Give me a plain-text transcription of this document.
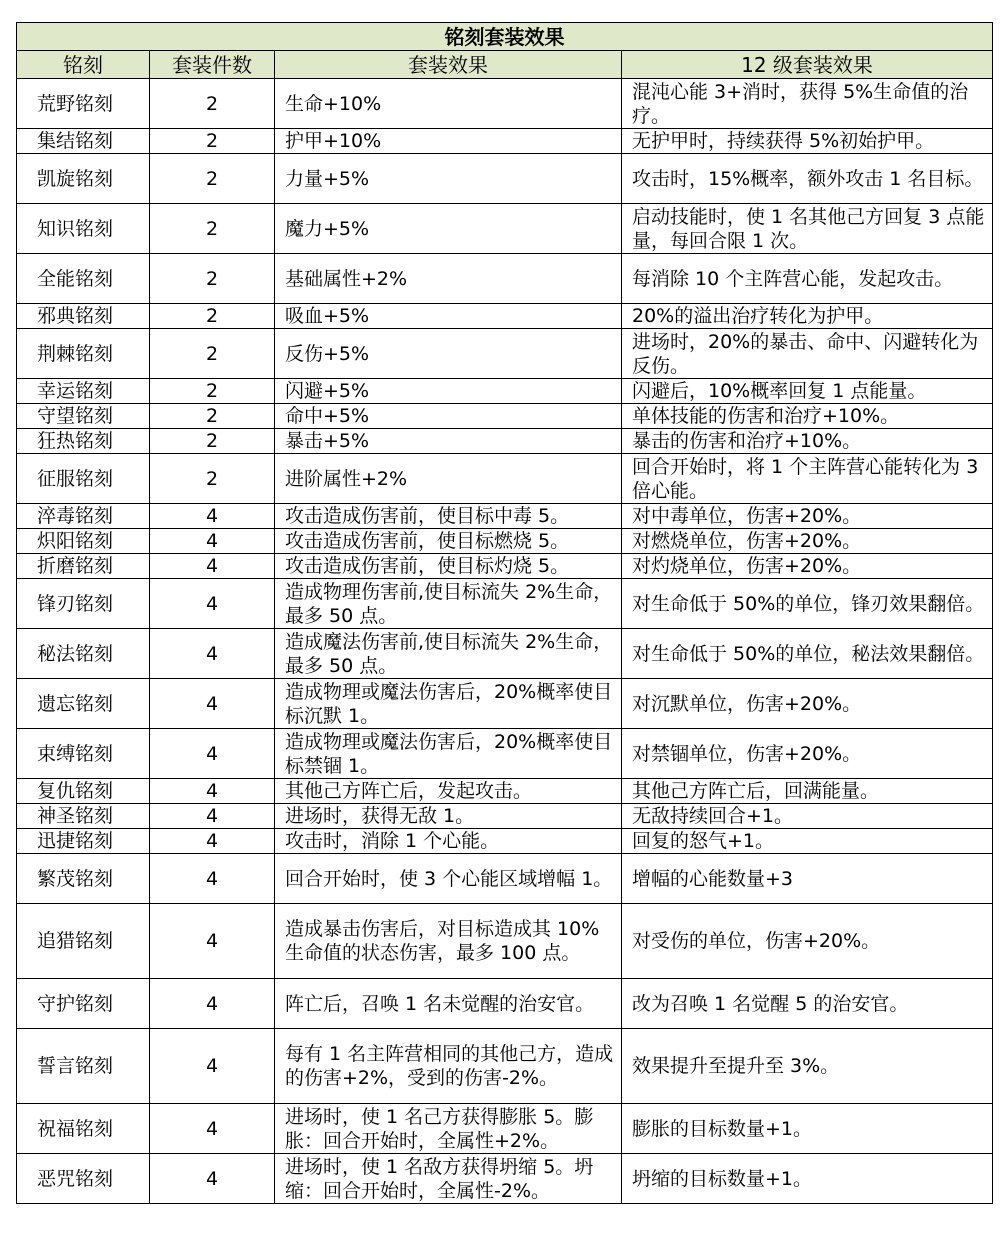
铭刻套装效果			
铭刻	套装件数	套装效果	12 级套装效果
荒野铭刻	2	生命+10%	混沌心能 3+消时，获得 5%生命值的治疗。
集结铭刻	2	护甲+10%	无护甲时，持续获得 5%初始护甲。
凯旋铭刻	2	力量+5%	攻击时，15%概率，额外攻击 1 名目标。
知识铭刻	2	魔力+5%	启动技能时，使 1 名其他己方回复 3 点能量，每回合限 1 次。
全能铭刻	2	基础属性+2%	每消除 10 个主阵营心能，发起攻击。
邪典铭刻	2	吸血+5%	20%的溢出治疗转化为护甲。
荆棘铭刻	2	反伤+5%	进场时，20%的暴击、命中、闪避转化为反伤。
幸运铭刻	2	闪避+5%	闪避后，10%概率回复 1 点能量。
守望铭刻	2	命中+5%	单体技能的伤害和治疗+10%。
狂热铭刻	2	暴击+5%	暴击的伤害和治疗+10%。
征服铭刻	2	进阶属性+2%	回合开始时，将 1 个主阵营心能转化为 3 倍心能。
淬毒铭刻	4	攻击造成伤害前，使目标中毒 5。	对中毒单位，伤害+20%。
炽阳铭刻	4	攻击造成伤害前，使目标燃烧 5。	对燃烧单位，伤害+20%。
折磨铭刻	4	攻击造成伤害前，使目标灼烧 5。	对灼烧单位，伤害+20%。
锋刃铭刻	4	造成物理伤害前,使目标流失 2%生命，最多 50 点。	对生命低于 50%的单位，锋刃效果翻倍。
秘法铭刻	4	造成魔法伤害前,使目标流失 2%生命，最多 50 点。	对生命低于 50%的单位，秘法效果翻倍。
遗忘铭刻	4	造成物理或魔法伤害后，20%概率使目标沉默 1。	对沉默单位，伤害+20%。
束缚铭刻	4	造成物理或魔法伤害后，20%概率使目标禁锢 1。	对禁锢单位，伤害+20%。
复仇铭刻	4	其他己方阵亡后，发起攻击。	其他己方阵亡后，回满能量。
神圣铭刻	4	进场时，获得无敌 1。	无敌持续回合+1。
迅捷铭刻	4	攻击时，消除 1 个心能。	回复的怒气+1。
繁茂铭刻	4	回合开始时，使 3 个心能区域增幅 1。	增幅的心能数量+3
追猎铭刻	4	造成暴击伤害后，对目标造成其 10%生命值的状态伤害，最多 100 点。	对受伤的单位，伤害+20%。
守护铭刻	4	阵亡后，召唤 1 名未觉醒的治安官。	改为召唤 1 名觉醒 5 的治安官。
誓言铭刻	4	每有 1 名主阵营相同的其他己方，造成的伤害+2%，受到的伤害-2%。	效果提升至提升至 3%。
祝福铭刻	4	进场时，使 1 名己方获得膨胀 5。膨胀：回合开始时，全属性+2%。	膨胀的目标数量+1。
恶咒铭刻	4	进场时，使 1 名敌方获得坍缩 5。坍缩：回合开始时，全属性-2%。	坍缩的目标数量+1。
